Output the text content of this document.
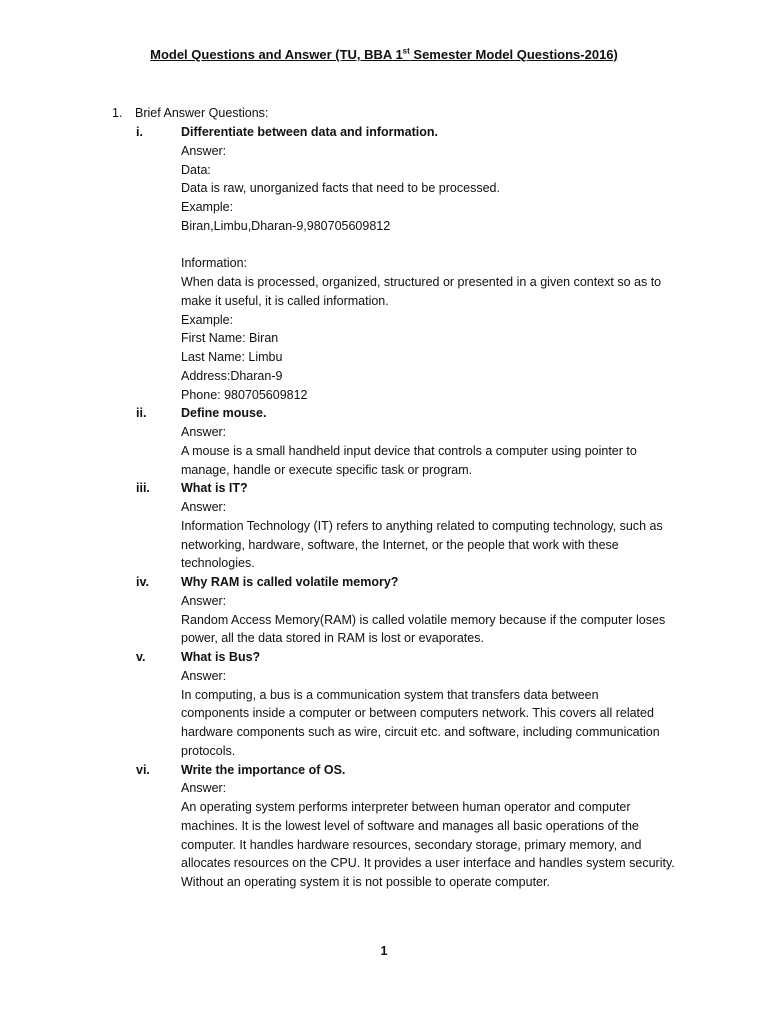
Model Questions and Answer (TU, BBA 1st Semester Model Questions-2016)
1. Brief Answer Questions:
i.	Differentiate between data and information.
Answer:
Data:
Data is raw, unorganized facts that need to be processed.
Example:
Biran,Limbu,Dharan-9,980705609812
Information:
When data is processed, organized, structured or presented in a given context so as to
make it useful, it is called information.
Example:
First Name: Biran
Last Name: Limbu
Address:Dharan-9
Phone: 980705609812
ii.	Define mouse.
Answer:
A mouse is a small handheld input device that controls a computer using pointer to
manage, handle or execute specific task or program.
iii. What is IT?
Answer:
Information Technology (IT) refers to anything related to computing technology, such as
networking, hardware, software, the Internet, or the people that work with these
technologies.
iv.	Why RAM is called volatile memory?
Answer:
Random Access Memory(RAM) is called volatile memory because if the computer loses
power, all the data stored in RAM is lost or evaporates.
v.	What is Bus?
Answer:
In computing, a bus is a communication system that transfers data between
components inside a computer or between computers network. This covers all related
hardware components such as wire, circuit etc. and software, including communication
protocols.
vi. Write the importance of OS.
Answer:
An operating system performs interpreter between human operator and computer
machines. It is the lowest level of software and manages all basic operations of the
computer. It handles hardware resources, secondary storage, primary memory, and
allocates resources on the CPU. It provides a user interface and handles system security.
Without an operating system it is not possible to operate computer.
1
